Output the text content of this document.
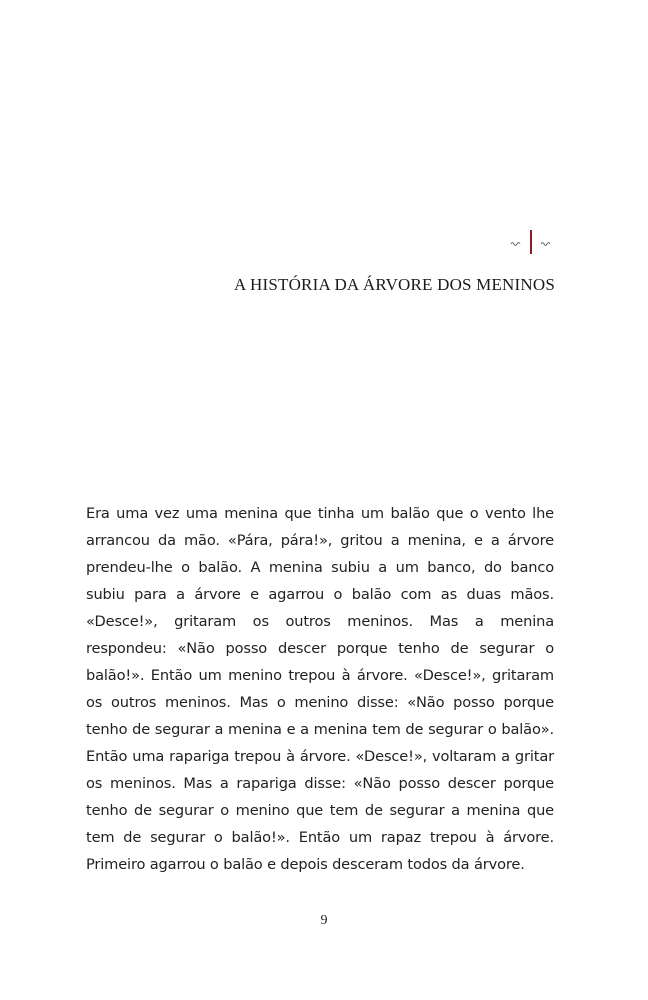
A HISTÓRIA DA ÁRVORE DOS MENINOS

Era uma vez uma menina que tinha um balão que o vento lhe arrancou da mão. «Pára, pára!», gritou a menina, e a árvore prendeu-lhe o balão. A menina subiu a um banco, do banco subiu para a árvore e agarrou o balão com as duas mãos. «Desce!», gritaram os outros meninos. Mas a menina respondeu: «Não posso descer porque tenho de segurar o balão!». Então um menino trepou à árvore. «Desce!», gritaram os outros meninos. Mas o menino disse: «Não posso porque tenho de segurar a menina e a menina tem de segurar o balão». Então uma rapariga trepou à árvore. «Desce!», voltaram a gritar os meninos. Mas a rapariga disse: «Não posso descer porque tenho de segurar o menino que tem de segurar a menina que tem de segurar o balão!». Então um rapaz trepou à árvore. Primeiro agarrou o balão e depois desceram todos da árvore.

9
